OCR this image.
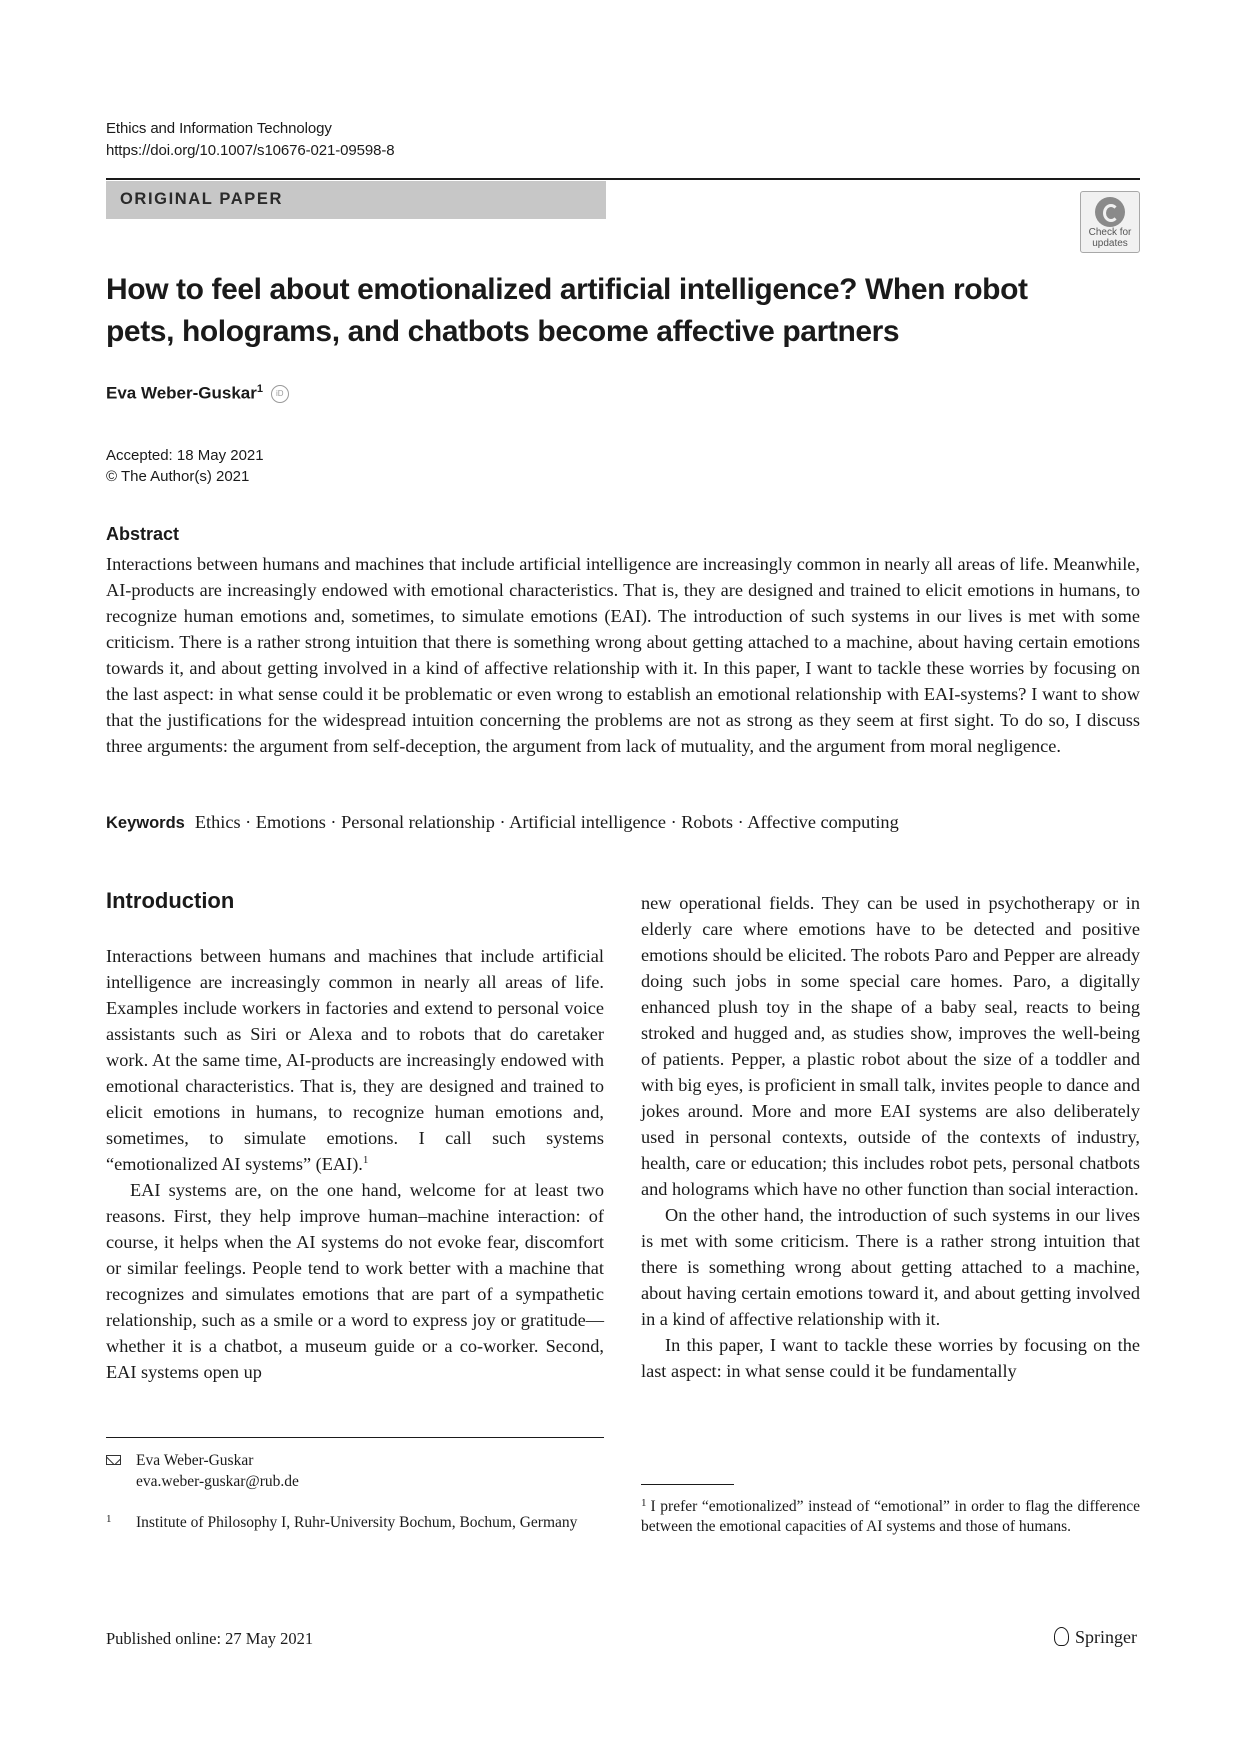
Ethics and Information Technology
https://doi.org/10.1007/s10676-021-09598-8
ORIGINAL PAPER
Check for updates
How to feel about emotionalized artificial intelligence? When robot pets, holograms, and chatbots become affective partners
Eva Weber-Guskar$^1$ iD
Accepted: 18 May 2021
© The Author(s) 2021
Abstract

Interactions between humans and machines that include artificial intelligence are increasingly common in nearly all areas of life. Meanwhile, AI-products are increasingly endowed with emotional characteristics. That is, they are designed and trained to elicit emotions in humans, to recognize human emotions and, sometimes, to simulate emotions (EAI). The introduction of such systems in our lives is met with some criticism. There is a rather strong intuition that there is something wrong about getting attached to a machine, about having certain emotions towards it, and about getting involved in a kind of affective relationship with it. In this paper, I want to tackle these worries by focusing on the last aspect: in what sense could it be problematic or even wrong to establish an emotional relationship with EAI-systems? I want to show that the justifications for the widespread intuition concerning the problems are not as strong as they seem at first sight. To do so, I discuss three arguments: the argument from self-deception, the argument from lack of mutuality, and the argument from moral negligence.

Keywords Ethics · Emotions · Personal relationship · Artificial intelligence · Robots · Affective computing
Introduction

Interactions between humans and machines that include artificial intelligence are increasingly common in nearly all areas of life. Examples include workers in factories and extend to personal voice assistants such as Siri or Alexa and to robots that do caretaker work. At the same time, AI-products are increasingly endowed with emotional characteristics. That is, they are designed and trained to elicit emotions in humans, to recognize human emotions and, sometimes, to simulate emotions. I call such systems “emotionalized AI systems” (EAI).$^1$

EAI systems are, on the one hand, welcome for at least two reasons. First, they help improve human–machine interaction: of course, it helps when the AI systems do not evoke fear, discomfort or similar feelings. People tend to work better with a machine that recognizes and simulates emotions that are part of a sympathetic relationship, such as a smile or a word to express joy or gratitude—whether it is a chatbot, a museum guide or a co-worker. Second, EAI systems open up

new operational fields. They can be used in psychotherapy or in elderly care where emotions have to be detected and positive emotions should be elicited. The robots Paro and Pepper are already doing such jobs in some special care homes. Paro, a digitally enhanced plush toy in the shape of a baby seal, reacts to being stroked and hugged and, as studies show, improves the well-being of patients. Pepper, a plastic robot about the size of a toddler and with big eyes, is proficient in small talk, invites people to dance and jokes around. More and more EAI systems are also deliberately used in personal contexts, outside of the contexts of industry, health, care or education; this includes robot pets, personal chatbots and holograms which have no other function than social interaction.

On the other hand, the introduction of such systems in our lives is met with some criticism. There is a rather strong intuition that there is something wrong about getting attached to a machine, about having certain emotions toward it, and about getting involved in a kind of affective relationship with it.

In this paper, I want to tackle these worries by focusing on the last aspect: in what sense could it be fundamentally

Eva Weber-Guskar
eva.weber-guskar@rub.de
1 Institute of Philosophy I, Ruhr-University Bochum, Bochum, Germany
$^1$ I prefer “emotionalized” instead of “emotional” in order to flag the difference between the emotional capacities of AI systems and those of humans.
Published online: 27 May 2021	Springer
